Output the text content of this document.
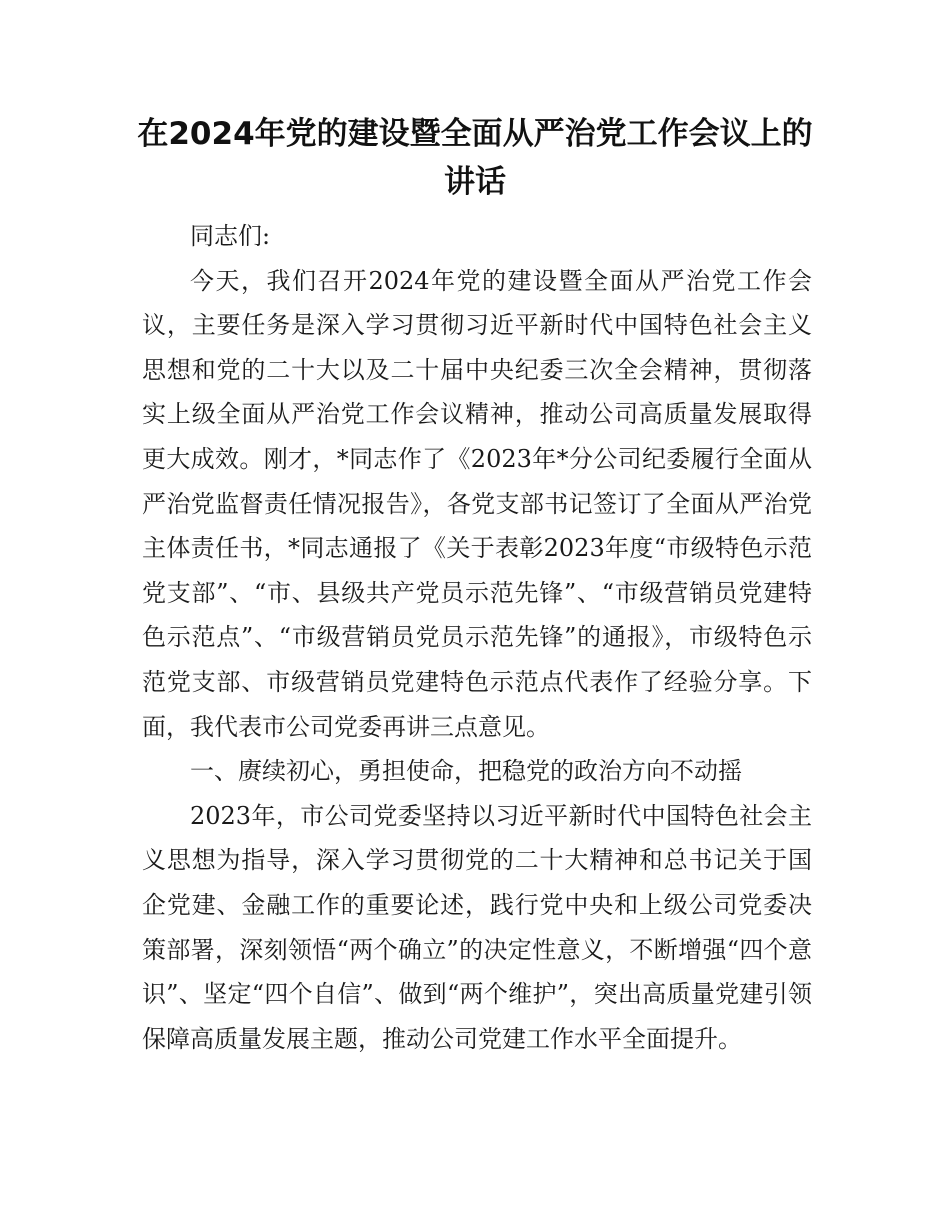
在2024年党的建设暨全面从严治党工作会议上的讲话

同志们:

今天，我们召开2024年党的建设暨全面从严治党工作会议，主要任务是深入学习贯彻习近平新时代中国特色社会主义思想和党的二十大以及二十届中央纪委三次全会精神，贯彻落实上级全面从严治党工作会议精神，推动公司高质量发展取得更大成效。刚才，*同志作了《2023年*分公司纪委履行全面从严治党监督责任情况报告》，各党支部书记签订了全面从严治党主体责任书，*同志通报了《关于表彰2023年度“市级特色示范党支部”、“市、县级共产党员示范先锋”、“市级营销员党建特色示范点”、“市级营销员党员示范先锋”的通报》，市级特色示范党支部、市级营销员党建特色示范点代表作了经验分享。下面，我代表市公司党委再讲三点意见。

一、赓续初心，勇担使命，把稳党的政治方向不动摇

2023年，市公司党委坚持以习近平新时代中国特色社会主义思想为指导，深入学习贯彻党的二十大精神和总书记关于国企党建、金融工作的重要论述，践行党中央和上级公司党委决策部署，深刻领悟“两个确立”的决定性意义，不断增强“四个意识”、坚定“四个自信”、做到“两个维护”，突出高质量党建引领保障高质量发展主题，推动公司党建工作水平全面提升。
